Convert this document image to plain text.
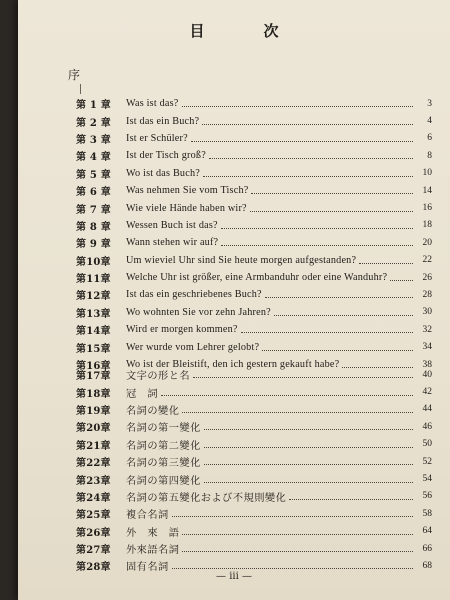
目　次
序
第 1 章	Was ist das?	3
第 2 章	Ist das ein Buch?	4
第 3 章	Ist er Schüler?	6
第 4 章	Ist der Tisch groß?	8
第 5 章	Wo ist das Buch?	10
第 6 章	Was nehmen Sie vom Tisch?	14
第 7 章	Wie viele Hände haben wir?	16
第 8 章	Wessen Buch ist das?	18
第 9 章	Wann stehen wir auf?	20
第10章	Um wieviel Uhr sind Sie heute morgen aufgestanden?	22
第11章	Welche Uhr ist größer, eine Armbanduhr oder eine Wanduhr?	26
第12章	Ist das ein geschriebenes Buch?	28
第13章	Wo wohnten Sie vor zehn Jahren?	30
第14章	Wird er morgen kommen?	32
第15章	Wer wurde vom Lehrer gelobt?	34
第16章	Wo ist der Bleistift, den ich gestern gekauft habe?	38
第17章	文字の形と名	40
第18章	冠　詞	42
第19章	名詞の變化	44
第20章	名詞の第一變化	46
第21章	名詞の第二變化	50
第22章	名詞の第三變化	52
第23章	名詞の第四變化	54
第24章	名詞の第五變化および不規則變化	56
第25章	複合名詞	58
第26章	外　來　語	64
第27章	外來語名詞	66
第28章	固有名詞	68
— iii —
